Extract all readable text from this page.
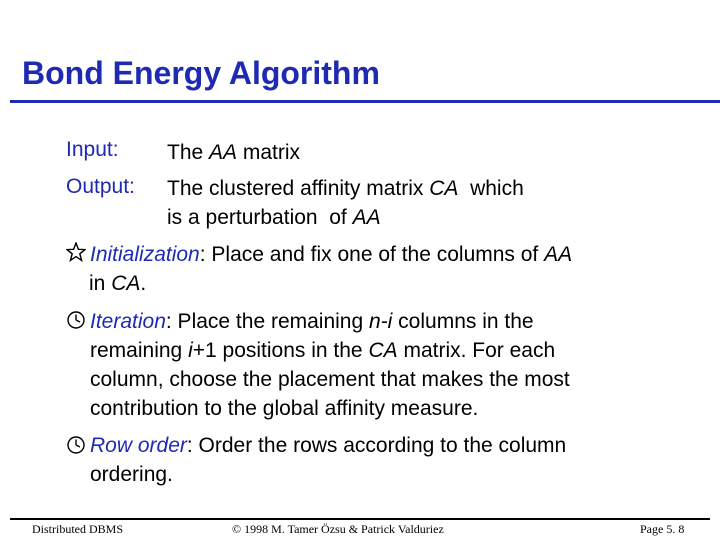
Bond Energy Algorithm
Input: The AA matrix
Output: The clustered affinity matrix CA  which
is a perturbation  of AA
Initialization: Place and fix one of the columns of AA
in CA.
Iteration: Place the remaining n-i columns in the
remaining i+1 positions in the CA matrix. For each
column, choose the placement that makes the most
contribution to the global affinity measure.
Row order: Order the rows according to the column
ordering.
Distributed DBMS	© 1998 M. Tamer Özsu & Patrick Valduriez	Page 5. 8
